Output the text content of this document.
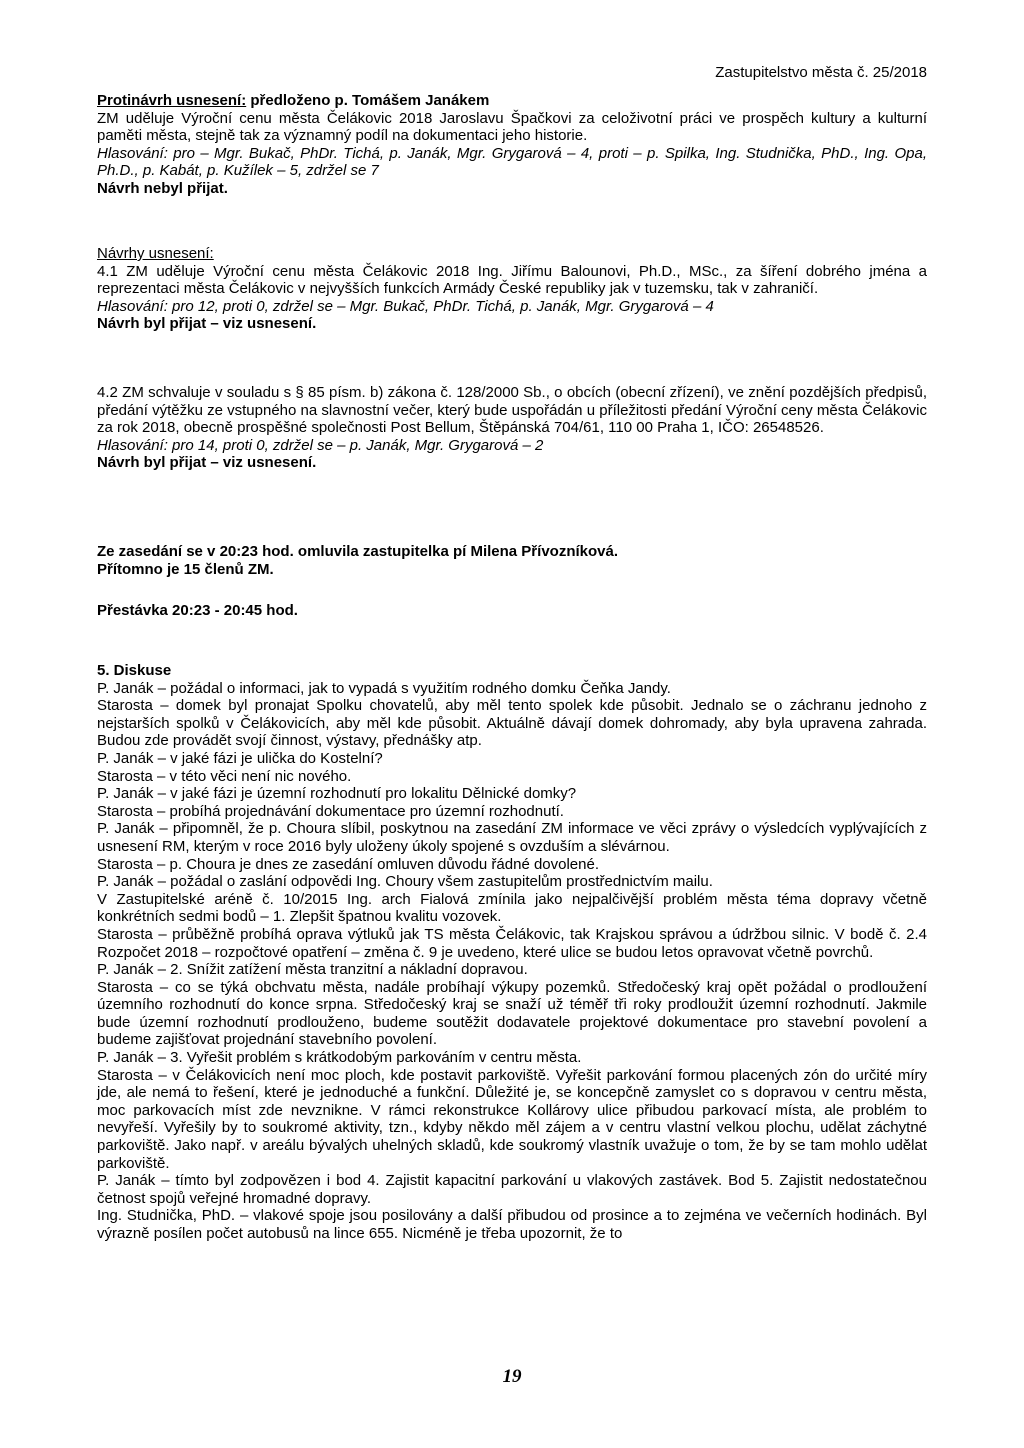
Zastupitelstvo města č. 25/2018

Protinávrh usnesení: předloženo p. Tomášem Janákem

ZM uděluje Výroční cenu města Čelákovic 2018 Jaroslavu Špačkovi za celoživotní práci ve prospěch kultury a kulturní paměti města, stejně tak za významný podíl na dokumentaci jeho historie.

Hlasování: pro – Mgr. Bukač, PhDr. Tichá, p. Janák, Mgr. Grygarová – 4, proti – p. Spilka, Ing. Studnička, PhD., Ing. Opa, Ph.D., p. Kabát, p. Kužílek – 5, zdržel se 7

Návrh nebyl přijat.

Návrhy usnesení:

4.1 ZM uděluje Výroční cenu města Čelákovic 2018 Ing. Jiřímu Balounovi, Ph.D., MSc., za šíření dobrého jména a reprezentaci města Čelákovic v nejvyšších funkcích Armády České republiky jak v tuzemsku, tak v zahraničí.

Hlasování: pro 12, proti 0, zdržel se – Mgr. Bukač, PhDr. Tichá, p. Janák, Mgr. Grygarová – 4

Návrh byl přijat – viz usnesení.

4.2 ZM schvaluje v souladu s § 85 písm. b) zákona č. 128/2000 Sb., o obcích (obecní zřízení), ve znění pozdějších předpisů, předání výtěžku ze vstupného na slavnostní večer, který bude uspořádán u příležitosti předání Výroční ceny města Čelákovic za rok 2018, obecně prospěšné společnosti Post Bellum, Štěpánská 704/61, 110 00 Praha 1, IČO: 26548526.

Hlasování: pro 14, proti 0, zdržel se – p. Janák, Mgr. Grygarová – 2

Návrh byl přijat – viz usnesení.

Ze zasedání se v 20:23 hod. omluvila zastupitelka pí Milena Přívozníková.

Přítomno je 15 členů ZM.

Přestávka 20:23 - 20:45 hod.

5. Diskuse

P. Janák – požádal o informaci, jak to vypadá s využitím rodného domku Čeňka Jandy.

Starosta – domek byl pronajat Spolku chovatelů, aby měl tento spolek kde působit. Jednalo se o záchranu jednoho z nejstarších spolků v Čelákovicích, aby měl kde působit. Aktuálně dávají domek dohromady, aby byla upravena zahrada. Budou zde provádět svojí činnost, výstavy, přednášky atp.

P. Janák – v jaké fázi je ulička do Kostelní?

Starosta – v této věci není nic nového.

P. Janák – v jaké fázi je územní rozhodnutí pro lokalitu Dělnické domky?

Starosta – probíhá projednávání dokumentace pro územní rozhodnutí.

P. Janák – připomněl, že p. Choura slíbil, poskytnou na zasedání ZM informace ve věci zprávy o výsledcích vyplývajících z usnesení RM, kterým v roce 2016 byly uloženy úkoly spojené s ovzduším a slévárnou.

Starosta – p. Choura je dnes ze zasedání omluven důvodu řádné dovolené.

P. Janák – požádal o zaslání odpovědi Ing. Choury všem zastupitelům prostřednictvím mailu.

V Zastupitelské aréně č. 10/2015 Ing. arch Fialová zmínila jako nejpalčivější problém města téma dopravy včetně konkrétních sedmi bodů – 1. Zlepšit špatnou kvalitu vozovek.

Starosta – průběžně probíhá oprava výtluků jak TS města Čelákovic, tak Krajskou správou a údržbou silnic. V bodě č. 2.4 Rozpočet 2018 – rozpočtové opatření – změna č. 9 je uvedeno, které ulice se budou letos opravovat včetně povrchů.

P. Janák – 2. Snížit zatížení města tranzitní a nákladní dopravou.

Starosta – co se týká obchvatu města, nadále probíhají výkupy pozemků. Středočeský kraj opět požádal o prodloužení územního rozhodnutí do konce srpna. Středočeský kraj se snaží už téměř tři roky prodloužit územní rozhodnutí. Jakmile bude územní rozhodnutí prodlouženo, budeme soutěžit dodavatele projektové dokumentace pro stavební povolení a budeme zajišťovat projednání stavebního povolení.

P. Janák – 3. Vyřešit problém s krátkodobým parkováním v centru města.

Starosta – v Čelákovicích není moc ploch, kde postavit parkoviště. Vyřešit parkování formou placených zón do určité míry jde, ale nemá to řešení, které je jednoduché a funkční. Důležité je, se koncepčně zamyslet co s dopravou v centru města, moc parkovacích míst zde nevznikne. V rámci rekonstrukce Kollárovy ulice přibudou parkovací místa, ale problém to nevyřeší. Vyřešily by to soukromé aktivity, tzn., kdyby někdo měl zájem a v centru vlastní velkou plochu, udělat záchytné parkoviště. Jako např. v areálu bývalých uhelných skladů, kde soukromý vlastník uvažuje o tom, že by se tam mohlo udělat parkoviště.

P. Janák – tímto byl zodpovězen i bod 4. Zajistit kapacitní parkování u vlakových zastávek. Bod 5. Zajistit nedostatečnou četnost spojů veřejné hromadné dopravy.

Ing. Studnička, PhD. – vlakové spoje jsou posilovány a další přibudou od prosince a to zejména ve večerních hodinách. Byl výrazně posílen počet autobusů na lince 655. Nicméně je třeba upozornit, že to

19
